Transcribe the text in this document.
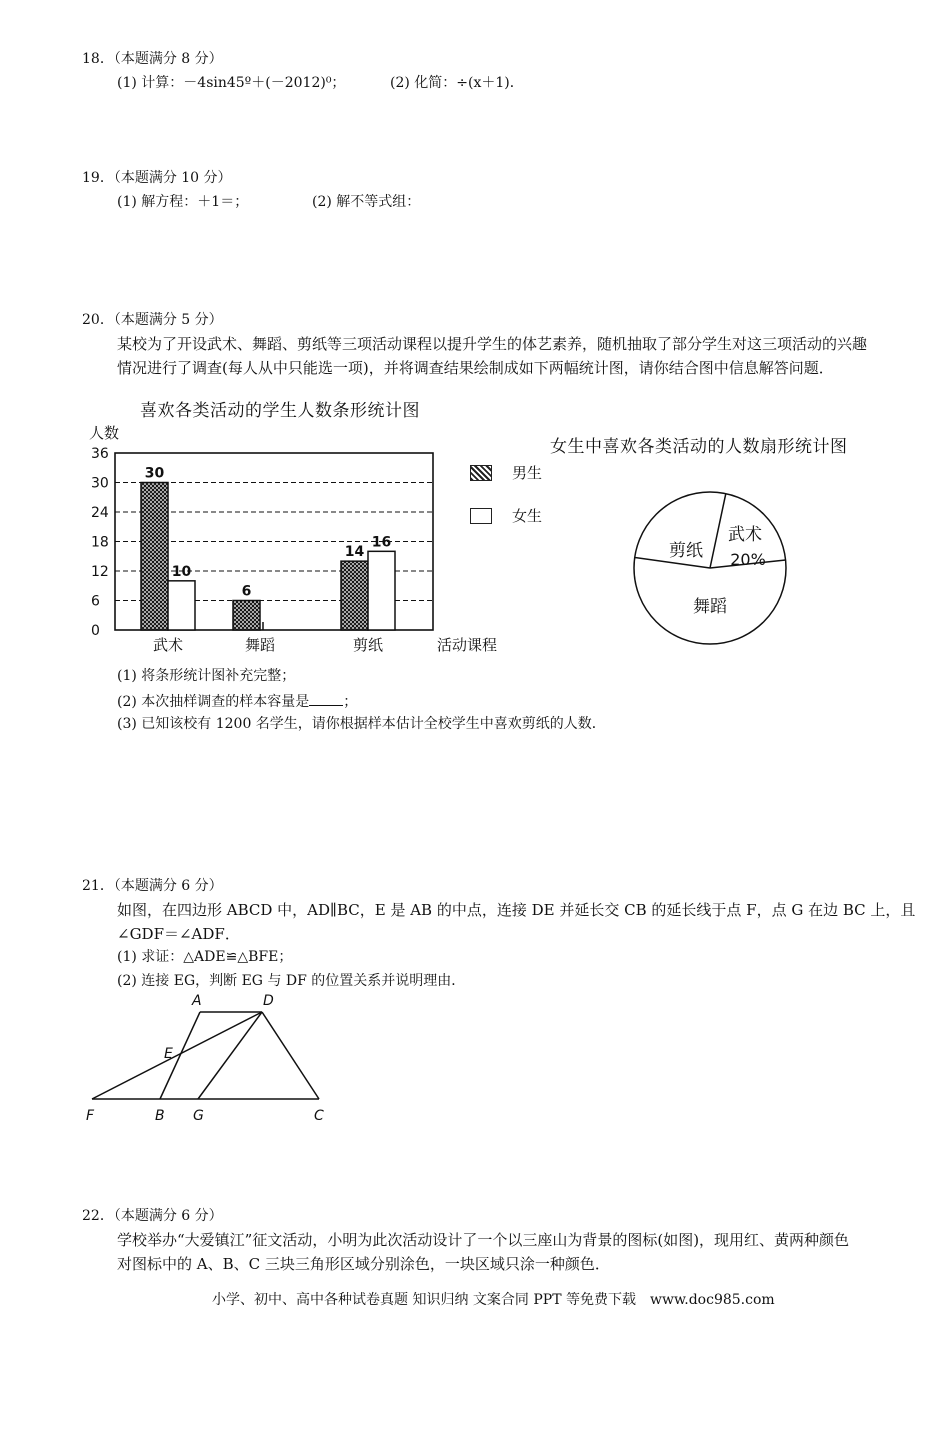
18．（本题满分 8 分）
(1) 计算：－4sin45º＋(－2012)⁰；	(2) 化简：÷(x＋1)．
19．（本题满分 10 分）
(1) 解方程：＋1＝；	(2) 解不等式组：
20．（本题满分 5 分）
某校为了开设武术、舞蹈、剪纸等三项活动课程以提升学生的体艺素养，随机抽取了部分学生对这三项活动的兴趣
情况进行了调查(每人从中只能选一项)，并将调查结果绘制成如下两幅统计图，请你结合图中信息解答问题．
喜欢各类活动的学生人数条形统计图
人数
0
6
12
18
24
30
36
30
10
武术
6
舞蹈
14
16
剪纸	活动课程
男生
女生
女生中喜欢各类活动的人数扇形统计图
武术
20%
剪纸
舞蹈
(1) 将条形统计图补充完整；
(2) 本次抽样调查的样本容量是 ；
(3) 已知该校有 1200 名学生，请你根据样本估计全校学生中喜欢剪纸的人数．
21．（本题满分 6 分）
如图，在四边形 ABCD 中，AD∥BC，E 是 AB 的中点，连接 DE 并延长交 CB 的延长线于点 F，点 G 在边 BC 上，且
∠GDF＝∠ADF．
(1) 求证：△ADE≌△BFE；
(2) 连接 EG，判断 EG 与 DF 的位置关系并说明理由．
A	D
E
F	B G	C
22．（本题满分 6 分）
学校举办“大爱镇江”征文活动，小明为此次活动设计了一个以三座山为背景的图标(如图)，现用红、黄两种颜色
对图标中的 A、B、C 三块三角形区域分别涂色，一块区域只涂一种颜色．
小学、初中、高中各种试卷真题 知识归纳 文案合同 PPT 等免费下载　www.doc985.com
